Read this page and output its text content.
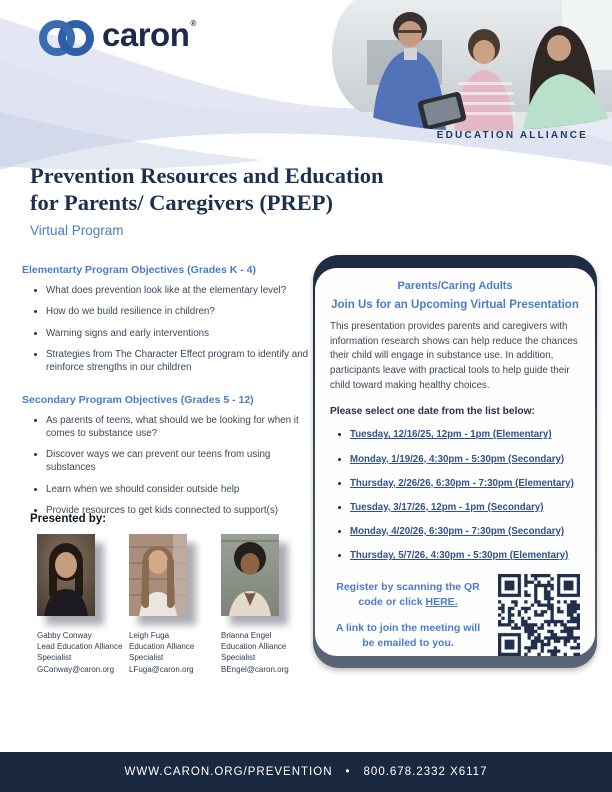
caron®
EDUCATION ALLIANCE
Prevention Resources and Education
for Parents/ Caregivers (PREP)
Virtual Program
Elementarty Program Objectives (Grades K - 4)
• What does prevention look like at the elementary level?
• How do we build resilience in children?
• Warning signs and early interventions
• Strategies from The Character Effect program to identify and reinforce strengths in our children
Secondary Program Objectives (Grades 5 - 12)
• As parents of teens, what should we be looking for when it comes to substance use?
• Discover ways we can prevent our teens from using substances
• Learn when we should consider outside help
• Provide resources to get kids connected to support(s)
Presented by:
Gabby Conway
Lead Education Alliance Specialist
GConway@caron.org
Leigh Fuga
Education Alliance Specialist
LFuga@caron.org
Brianna Engel
Education Alliance Specialist
BEngel@caron.org
Parents/Caring Adults
Join Us for an Upcoming Virtual Presentation

This presentation provides parents and caregivers with information research shows can help reduce the chances their child will engage in substance use. In addition, participants leave with practical tools to help guide their child toward making healthy choices.

Please select one date from the list below:

• Tuesday, 12/16/25, 12pm - 1pm (Elementary)
• Monday, 1/19/26, 4:30pm - 5:30pm (Secondary)
• Thursday, 2/26/26, 6:30pm - 7:30pm (Elementary)
• Tuesday, 3/17/26, 12pm - 1pm (Secondary)
• Monday, 4/20/26, 6:30pm - 7:30pm (Secondary)
• Thursday, 5/7/26, 4:30pm - 5:30pm (Elementary)
Register by scanning the QR code or click HERE.
A link to join the meeting will be emailed to you.
WWW.CARON.ORG/PREVENTION • 800.678.2332 X6117
